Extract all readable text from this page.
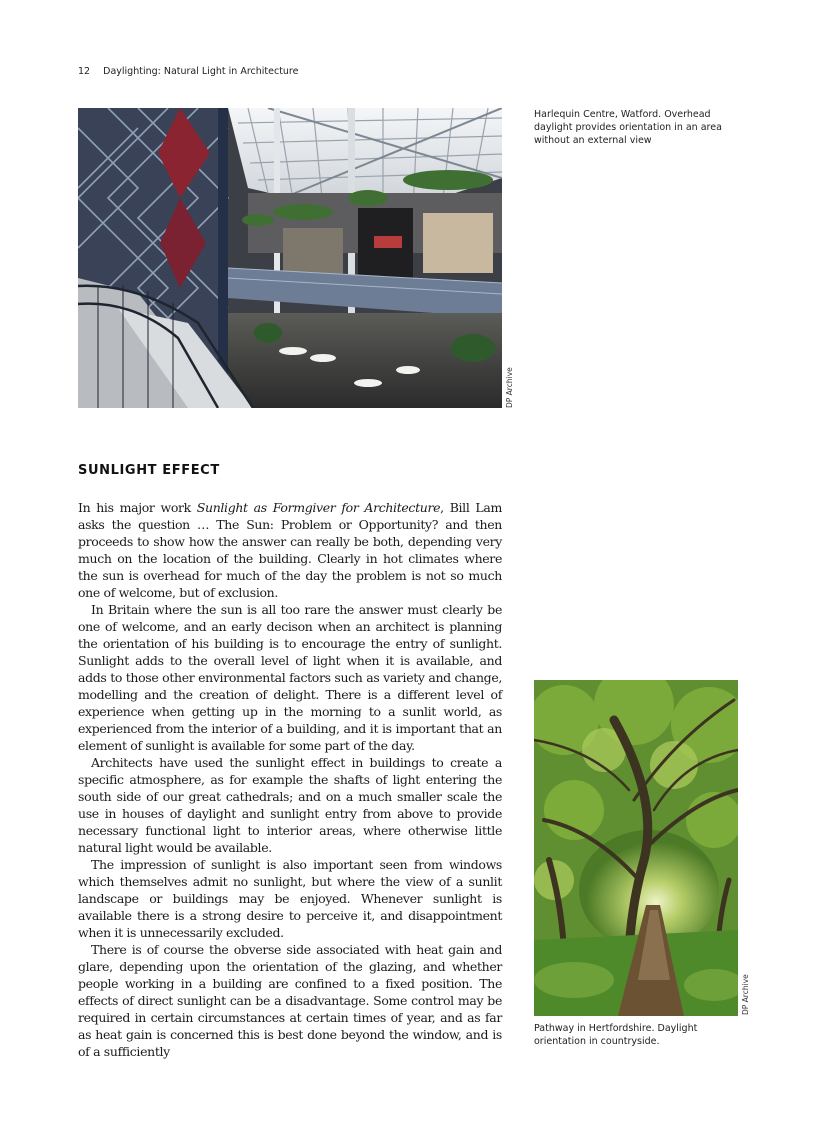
12 Daylighting: Natural Light in Architecture
DP Archive
Harlequin Centre, Watford. Overhead daylight provides orientation in an area without an external view
SUNLIGHT EFFECT

In his major work Sunlight as Formgiver for Architecture, Bill Lam asks the question … The Sun: Problem or Opportunity? and then proceeds to show how the answer can really be both, depending very much on the location of the building. Clearly in hot climates where the sun is overhead for much of the day the problem is not so much one of welcome, but of exclusion.

In Britain where the sun is all too rare the answer must clearly be one of welcome, and an early decison when an architect is planning the orientation of his building is to encourage the entry of sunlight. Sunlight adds to the overall level of light when it is available, and adds to those other environmental factors such as variety and change, modelling and the creation of delight. There is a different level of experience when getting up in the morning to a sunlit world, as experienced from the interior of a building, and it is important that an element of sunlight is available for some part of the day.

Architects have used the sunlight effect in buildings to create a specific atmosphere, as for example the shafts of light entering the south side of our great cathedrals; and on a much smaller scale the use in houses of daylight and sunlight entry from above to provide necessary functional light to interior areas, where otherwise little natural light would be available.

The impression of sunlight is also important seen from windows which themselves admit no sunlight, but where the view of a sunlit landscape or buildings may be enjoyed. Whenever sunlight is available there is a strong desire to perceive it, and disappointment when it is unnecessarily excluded.

There is of course the obverse side associated with heat gain and glare, depending upon the orientation of the glazing, and whether people working in a building are confined to a fixed position. The effects of direct sunlight can be a disadvantage. Some control may be required in certain circumstances at certain times of year, and as far as heat gain is concerned this is best done beyond the window, and is of a sufficiently

DP Archive
Pathway in Hertfordshire. Daylight orientation in countryside.
